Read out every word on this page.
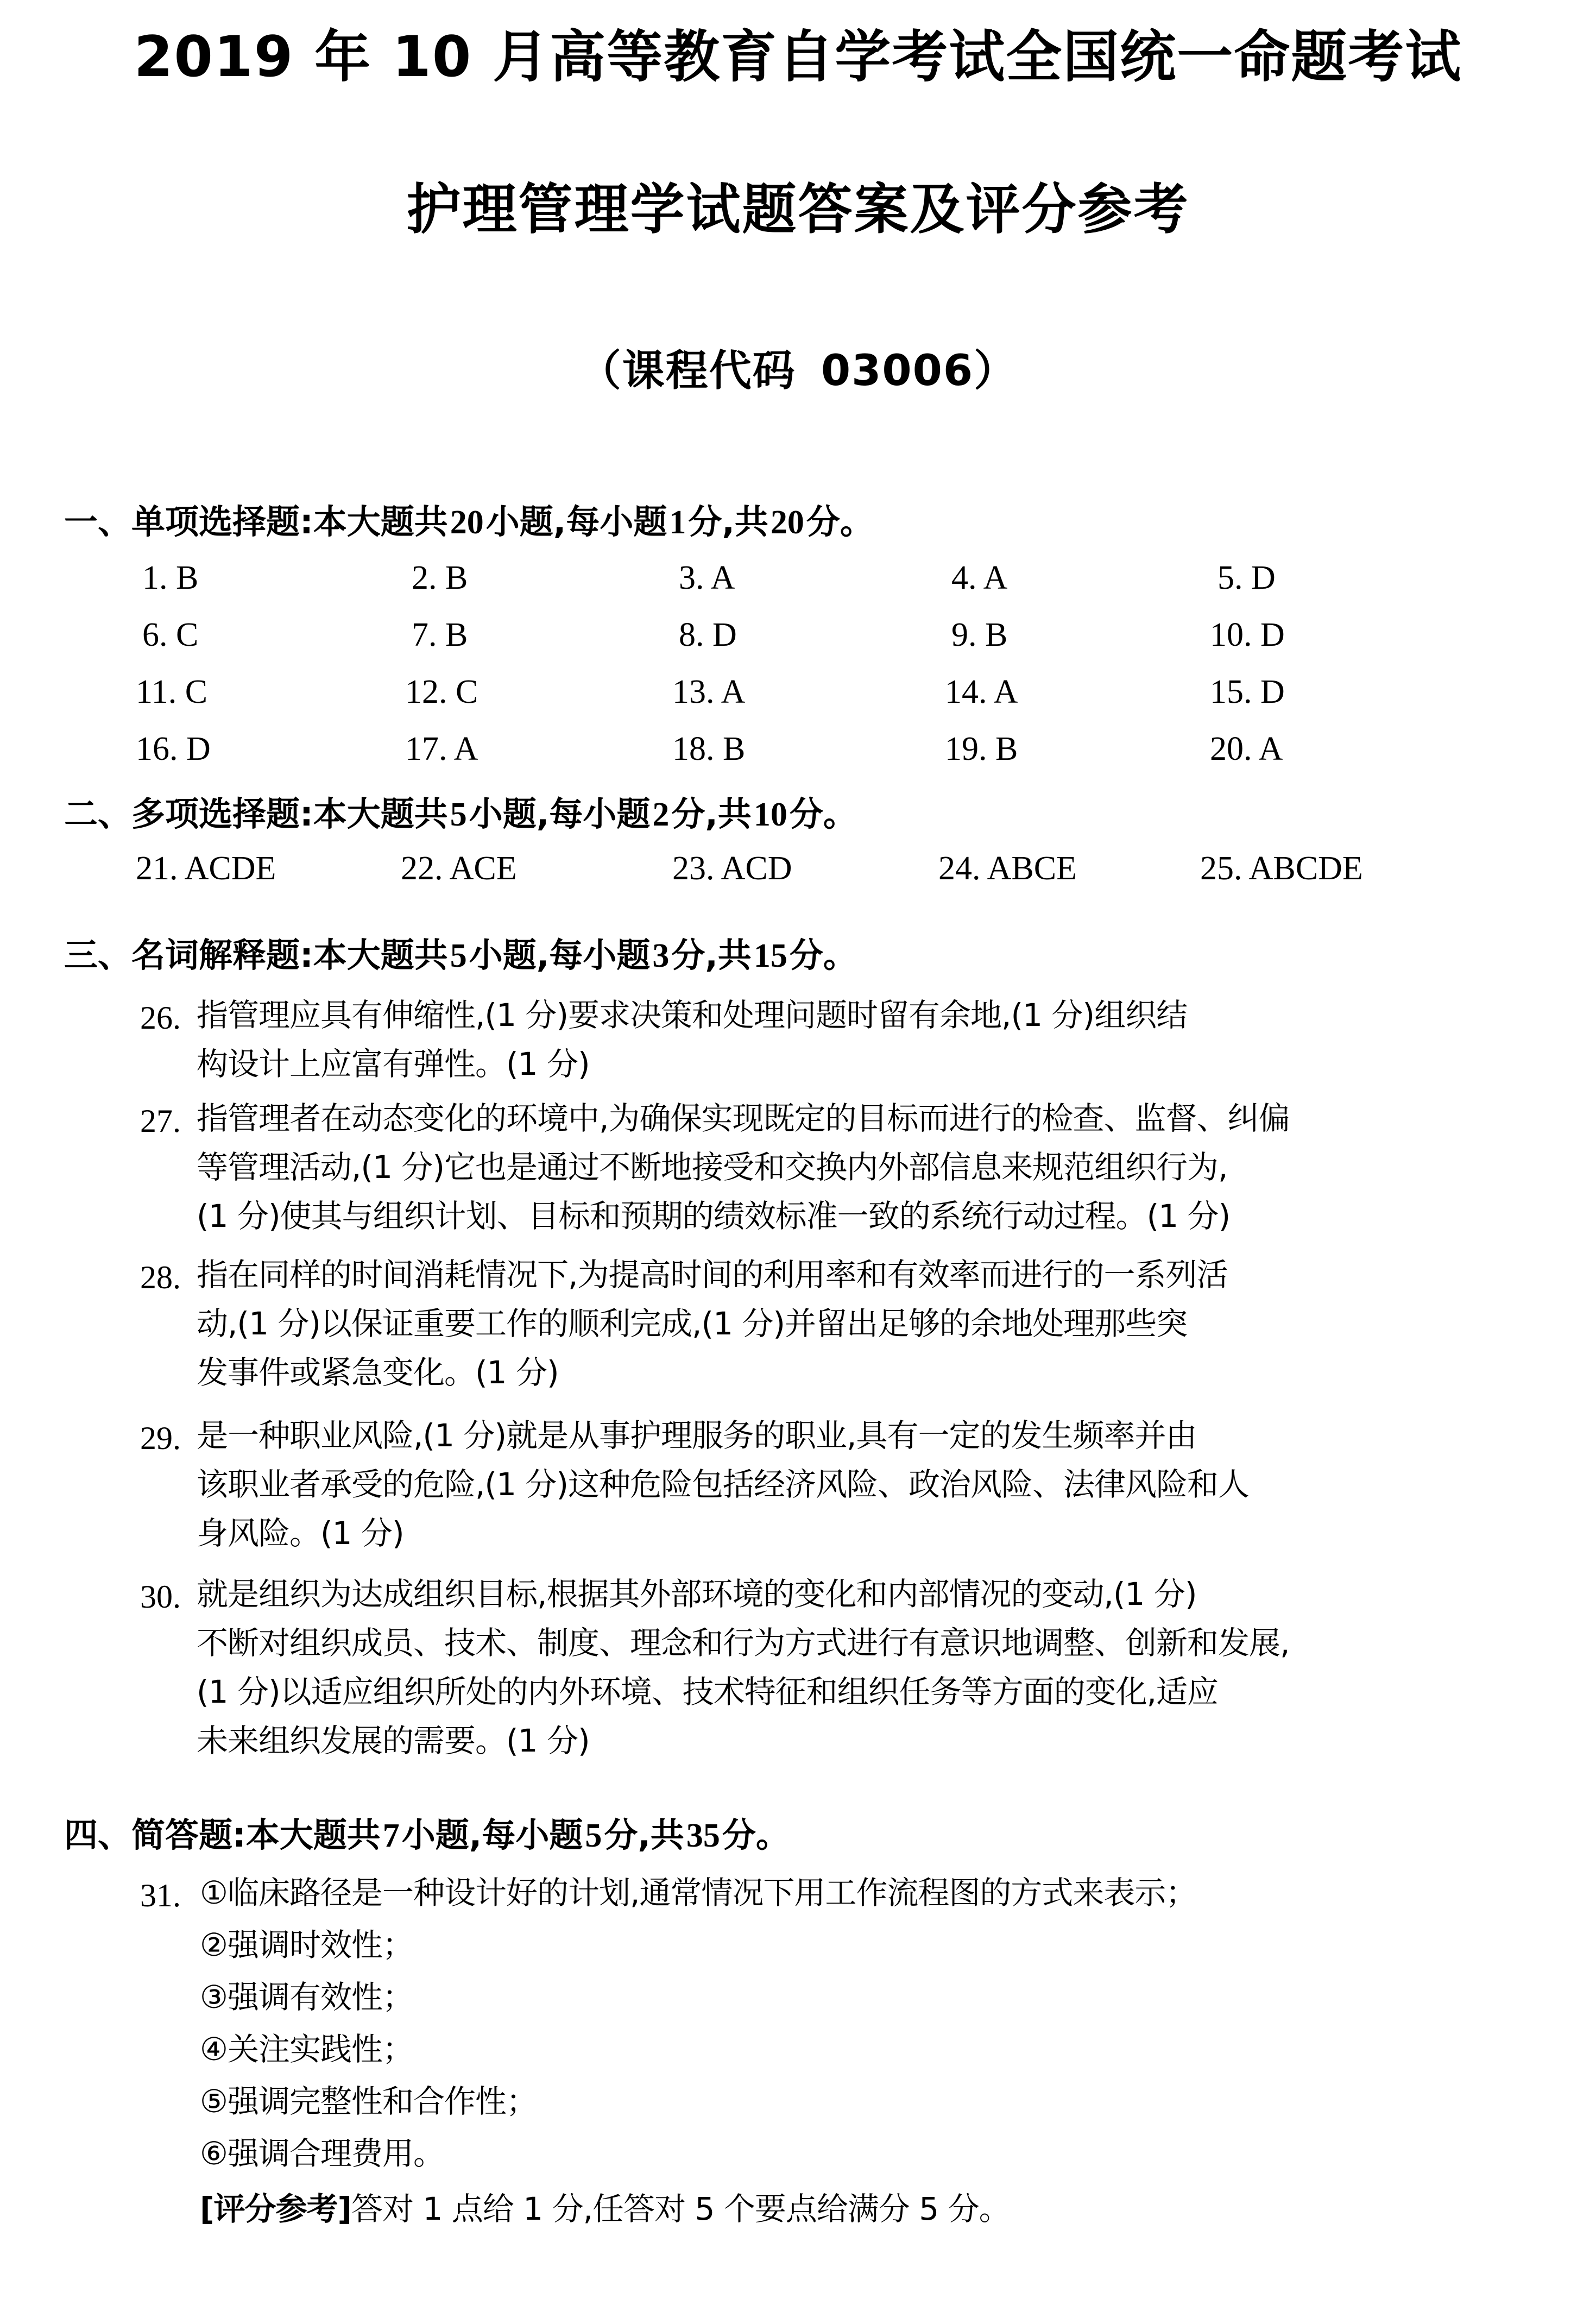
2019 年 10 月高等教育自学考试全国统一命题考试
护理管理学试题答案及评分参考
（课程代码 03006）
一、单项选择题:本大题共20小题,每小题1分,共20分。
1. B	2. B	3. A	4. A	5. D
6. C	7. B	8. D	9. B	10. D
11. C	12. C	13. A	14. A	15. D
16. D	17. A	18. B	19. B	20. A
二、多项选择题:本大题共5小题,每小题2分,共10分。
21. ACDE	22. ACE	23. ACD	24. ABCE	25. ABCDE
三、名词解释题:本大题共5小题,每小题3分,共15分。
26. 指管理应具有伸缩性,(1 分)要求决策和处理问题时留有余地,(1 分)组织结
构设计上应富有弹性。(1 分)
27. 指管理者在动态变化的环境中,为确保实现既定的目标而进行的检查、监督、纠偏
等管理活动,(1 分)它也是通过不断地接受和交换内外部信息来规范组织行为,
(1 分)使其与组织计划、目标和预期的绩效标准一致的系统行动过程。(1 分)
28. 指在同样的时间消耗情况下,为提高时间的利用率和有效率而进行的一系列活
动,(1 分)以保证重要工作的顺利完成,(1 分)并留出足够的余地处理那些突
发事件或紧急变化。(1 分)
29. 是一种职业风险,(1 分)就是从事护理服务的职业,具有一定的发生频率并由
该职业者承受的危险,(1 分)这种危险包括经济风险、政治风险、法律风险和人
身风险。(1 分)
30. 就是组织为达成组织目标,根据其外部环境的变化和内部情况的变动,(1 分)
不断对组织成员、技术、制度、理念和行为方式进行有意识地调整、创新和发展,
(1 分)以适应组织所处的内外环境、技术特征和组织任务等方面的变化,适应
未来组织发展的需要。(1 分)
四、简答题:本大题共7小题,每小题5分,共35分。
31. ①临床路径是一种设计好的计划,通常情况下用工作流程图的方式来表示；
②强调时效性；
③强调有效性；
④关注实践性；
⑤强调完整性和合作性；
⑥强调合理费用。
[评分参考]答对 1 点给 1 分,任答对 5 个要点给满分 5 分。
